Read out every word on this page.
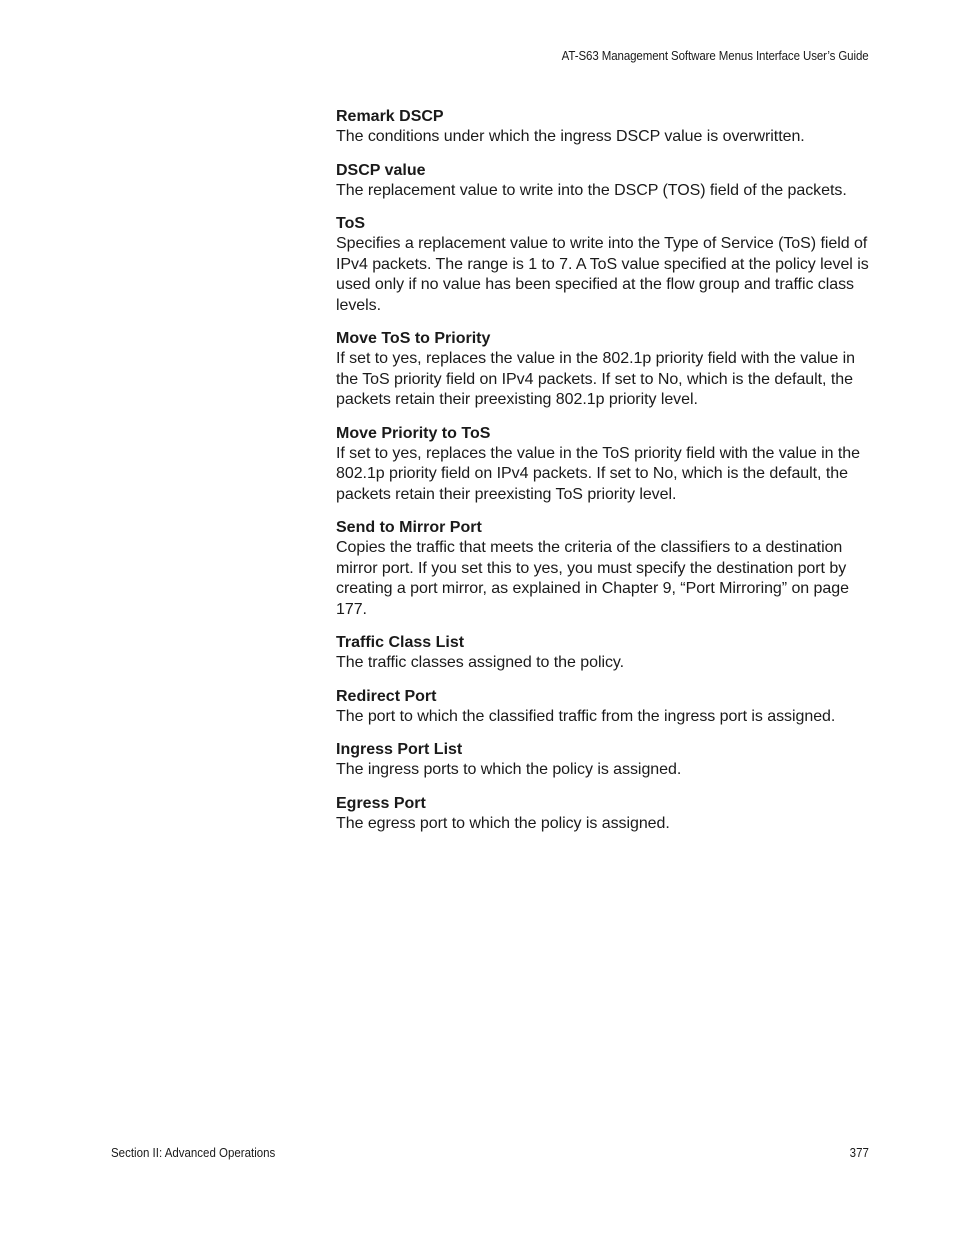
AT-S63 Management Software Menus Interface User’s Guide

Remark DSCP

The conditions under which the ingress DSCP value is overwritten.

DSCP value

The replacement value to write into the DSCP (TOS) field of the packets.

ToS

Specifies a replacement value to write into the Type of Service (ToS) field of IPv4 packets. The range is 1 to 7. A ToS value specified at the policy level is used only if no value has been specified at the flow group and traffic class levels.

Move ToS to Priority

If set to yes, replaces the value in the 802.1p priority field with the value in the ToS priority field on IPv4 packets. If set to No, which is the default, the packets retain their preexisting 802.1p priority level.

Move Priority to ToS

If set to yes, replaces the value in the ToS priority field with the value in the 802.1p priority field on IPv4 packets. If set to No, which is the default, the packets retain their preexisting ToS priority level.

Send to Mirror Port

Copies the traffic that meets the criteria of the classifiers to a destination mirror port. If you set this to yes, you must specify the destination port by creating a port mirror, as explained in Chapter 9, “Port Mirroring” on page 177.

Traffic Class List

The traffic classes assigned to the policy.

Redirect Port

The port to which the classified traffic from the ingress port is assigned.

Ingress Port List

The ingress ports to which the policy is assigned.

Egress Port

The egress port to which the policy is assigned.

Section II: Advanced Operations	377
